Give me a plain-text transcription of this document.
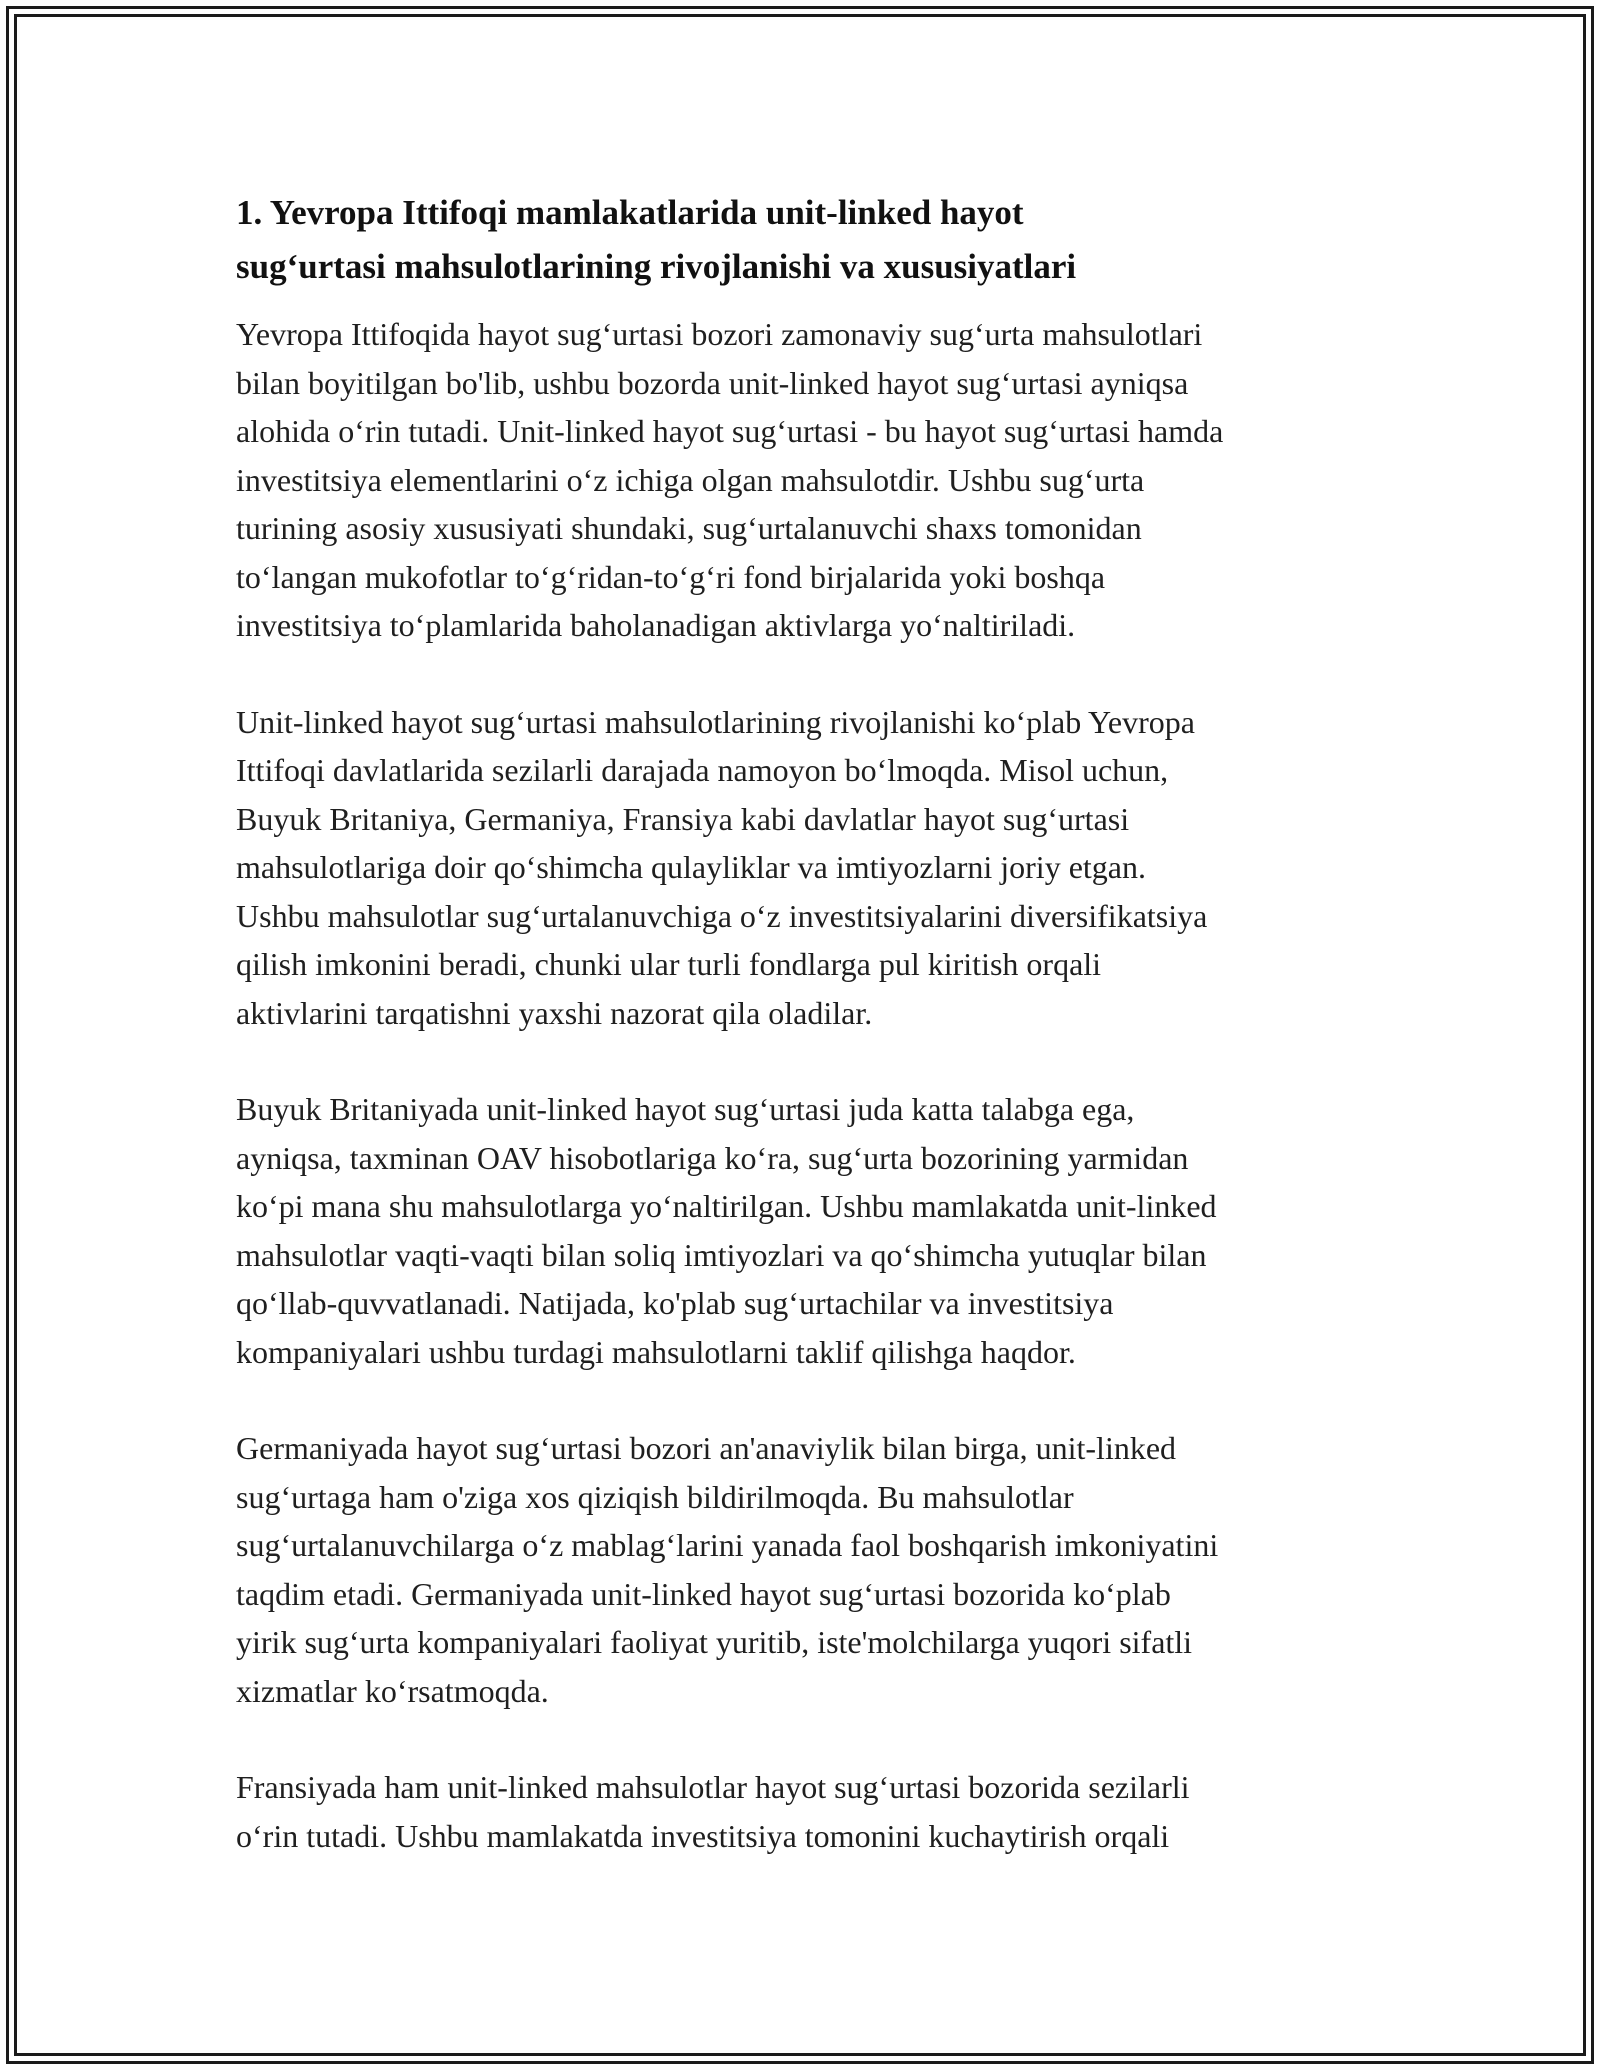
1. Yevropa Ittifoqi mamlakatlarida unit-linked hayot
sug‘urtasi mahsulotlarining rivojlanishi va xususiyatlari

Yevropa Ittifoqida hayot sug‘urtasi bozori zamonaviy sug‘urta mahsulotlari
bilan boyitilgan bo'lib, ushbu bozorda unit-linked hayot sug‘urtasi ayniqsa
alohida o‘rin tutadi. Unit-linked hayot sug‘urtasi - bu hayot sug‘urtasi hamda
investitsiya elementlarini o‘z ichiga olgan mahsulotdir. Ushbu sug‘urta
turining asosiy xususiyati shundaki, sug‘urtalanuvchi shaxs tomonidan
to‘langan mukofotlar to‘g‘ridan-to‘g‘ri fond birjalarida yoki boshqa
investitsiya to‘plamlarida baholanadigan aktivlarga yo‘naltiriladi.

Unit-linked hayot sug‘urtasi mahsulotlarining rivojlanishi ko‘plab Yevropa
Ittifoqi davlatlarida sezilarli darajada namoyon bo‘lmoqda. Misol uchun,
Buyuk Britaniya, Germaniya, Fransiya kabi davlatlar hayot sug‘urtasi
mahsulotlariga doir qo‘shimcha qulayliklar va imtiyozlarni joriy etgan.
Ushbu mahsulotlar sug‘urtalanuvchiga o‘z investitsiyalarini diversifikatsiya
qilish imkonini beradi, chunki ular turli fondlarga pul kiritish orqali
aktivlarini tarqatishni yaxshi nazorat qila oladilar.

Buyuk Britaniyada unit-linked hayot sug‘urtasi juda katta talabga ega,
ayniqsa, taxminan OAV hisobotlariga ko‘ra, sug‘urta bozorining yarmidan
ko‘pi mana shu mahsulotlarga yo‘naltirilgan. Ushbu mamlakatda unit-linked
mahsulotlar vaqti-vaqti bilan soliq imtiyozlari va qo‘shimcha yutuqlar bilan
qo‘llab-quvvatlanadi. Natijada, ko'plab sug‘urtachilar va investitsiya
kompaniyalari ushbu turdagi mahsulotlarni taklif qilishga haqdor.

Germaniyada hayot sug‘urtasi bozori an'anaviylik bilan birga, unit-linked
sug‘urtaga ham o'ziga xos qiziqish bildirilmoqda. Bu mahsulotlar
sug‘urtalanuvchilarga o‘z mablag‘larini yanada faol boshqarish imkoniyatini
taqdim etadi. Germaniyada unit-linked hayot sug‘urtasi bozorida ko‘plab
yirik sug‘urta kompaniyalari faoliyat yuritib, iste'molchilarga yuqori sifatli
xizmatlar ko‘rsatmoqda.

Fransiyada ham unit-linked mahsulotlar hayot sug‘urtasi bozorida sezilarli
o‘rin tutadi. Ushbu mamlakatda investitsiya tomonini kuchaytirish orqali
